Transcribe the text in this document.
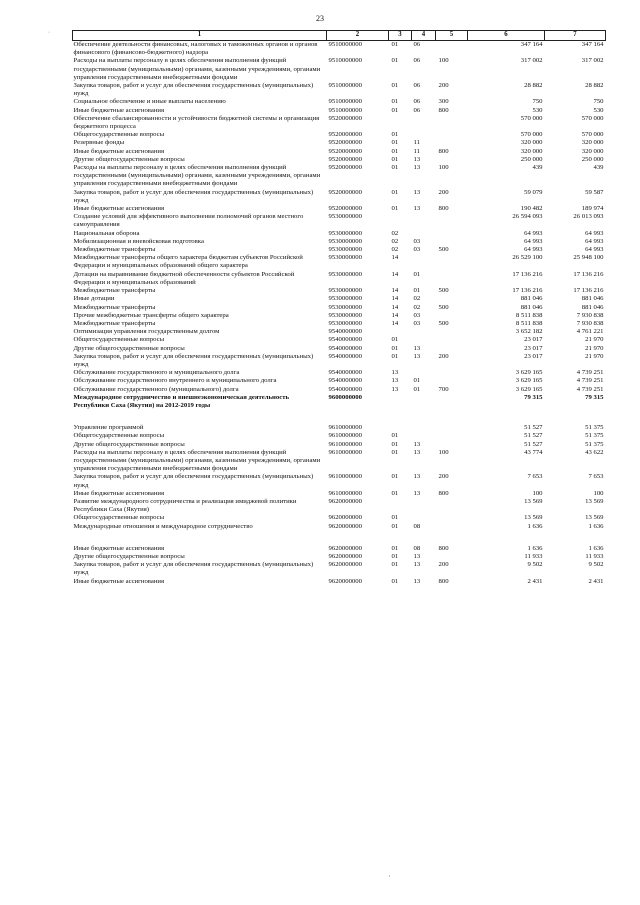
23
·	1	2	3	4	5	6	7
Обеспечение деятельности финансовых, налоговых и таможенных органов и органов финансового (финансово-бюджетного) надзора	9510000000	01	06		347 164	347 164
Расходы на выплаты персоналу в целях обеспечения выполнения функций государственными (муниципальными) органами, казенными учреждениями, органами управления государственными внебюджетными фондами	9510000000	01	06	100	317 002	317 002
Закупка товаров, работ и услуг для обеспечения государственных (муниципальных) нужд	9510000000	01	06	200	28 882	28 882
Социальное обеспечение и иные выплаты населению	9510000000	01	06	300	750	750
Иные бюджетные ассигнования	9510000000	01	06	800	530	530
Обеспечение сбалансированности и устойчивости бюджетной системы и организация бюджетного процесса	9520000000				570 000	570 000
Общегосударственные вопросы	9520000000	01			570 000	570 000
Резервные фонды	9520000000	01	11		320 000	320 000
Иные бюджетные ассигнования	9520000000	01	11	800	320 000	320 000
Другие общегосударственные вопросы	9520000000	01	13		250 000	250 000
Расходы на выплаты персоналу в целях обеспечения выполнения функций государственными (муниципальными) органами, казенными учреждениями, органами управления государственными внебюджетными фондами	9520000000	01	13	100	439	439
Закупка товаров, работ и услуг для обеспечения государственных (муниципальных) нужд	9520000000	01	13	200	59 079	59 587
Иные бюджетные ассигнования	9520000000	01	13	800	190 482	189 974
Создание условий для эффективного выполнения полномочий органов местного самоуправления	9530000000				26 594 093	26 013 093
Национальная оборона	9530000000	02			64 993	64 993
Мобилизационная и вневойсковая подготовка	9530000000	02	03		64 993	64 993
Межбюджетные трансферты	9530000000	02	03	500	64 993	64 993
Межбюджетные трансферты общего характера бюджетам субъектов Российской Федерации и муниципальных образований общего характера	9530000000	14			26 529 100	25 948 100
Дотации на выравнивание бюджетной обеспеченности субъектов Российской Федерации и муниципальных образований	9530000000	14	01		17 136 216	17 136 216
Межбюджетные трансферты	9530000000	14	01	500	17 136 216	17 136 216
Иные дотации	9530000000	14	02		881 046	881 046
Межбюджетные трансферты	9530000000	14	02	500	881 046	881 046
Прочие межбюджетные трансферты общего характера	9530000000	14	03		8 511 838	7 930 838
Межбюджетные трансферты	9530000000	14	03	500	8 511 838	7 930 838
Оптимизация управления государственным долгом	9540000000				3 652 182	4 761 221
Общегосударственные вопросы	9540000000	01			23 017	21 970
Другие общегосударственные вопросы	9540000000	01	13		23 017	21 970
Закупка товаров, работ и услуг для обеспечения государственных (муниципальных) нужд	9540000000	01	13	200	23 017	21 970
Обслуживание государственного и муниципального долга	9540000000	13			3 629 165	4 739 251
Обслуживание государственного внутреннего и муниципального долга	9540000000	13	01		3 629 165	4 739 251
Обслуживание государственного (муниципального) долга	9540000000	13	01	700	3 629 165	4 739 251
Международное сотрудничество и внешнеэкономическая деятельность Республики Саха (Якутия) на 2012-2019 годы	9600000000				79 315	79 315

Управление программой	9610000000				51 527	51 375
Общегосударственные вопросы	9610000000	01			51 527	51 375
Другие общегосударственные вопросы	9610000000	01	13		51 527	51 375
Расходы на выплаты персоналу в целях обеспечения выполнения функций государственными (муниципальными) органами, казенными учреждениями, органами управления государственными внебюджетными фондами	9610000000	01	13	100	43 774	43 622
Закупка товаров, работ и услуг для обеспечения государственных (муниципальных) нужд	9610000000	01	13	200	7 653	7 653
Иные бюджетные ассигнования	9610000000	01	13	800	100	100
Развитие международного сотрудничества и реализация имиджевой политики Республики Саха (Якутия)	9620000000				13 569	13 569
Общегосударственные вопросы	9620000000	01			13 569	13 569
Международные отношения и международное сотрудничество	9620000000	01	08		1 636	1 636

Иные бюджетные ассигнования	9620000000	01	08	800	1 636	1 636
Другие общегосударственные вопросы	9620000000	01	13		11 933	11 933
Закупка товаров, работ и услуг для обеспечения государственных (муниципальных) нужд	9620000000	01	13	200	9 502	9 502
Иные бюджетные ассигнования	9620000000	01	13	800	2 431	2 431
·
